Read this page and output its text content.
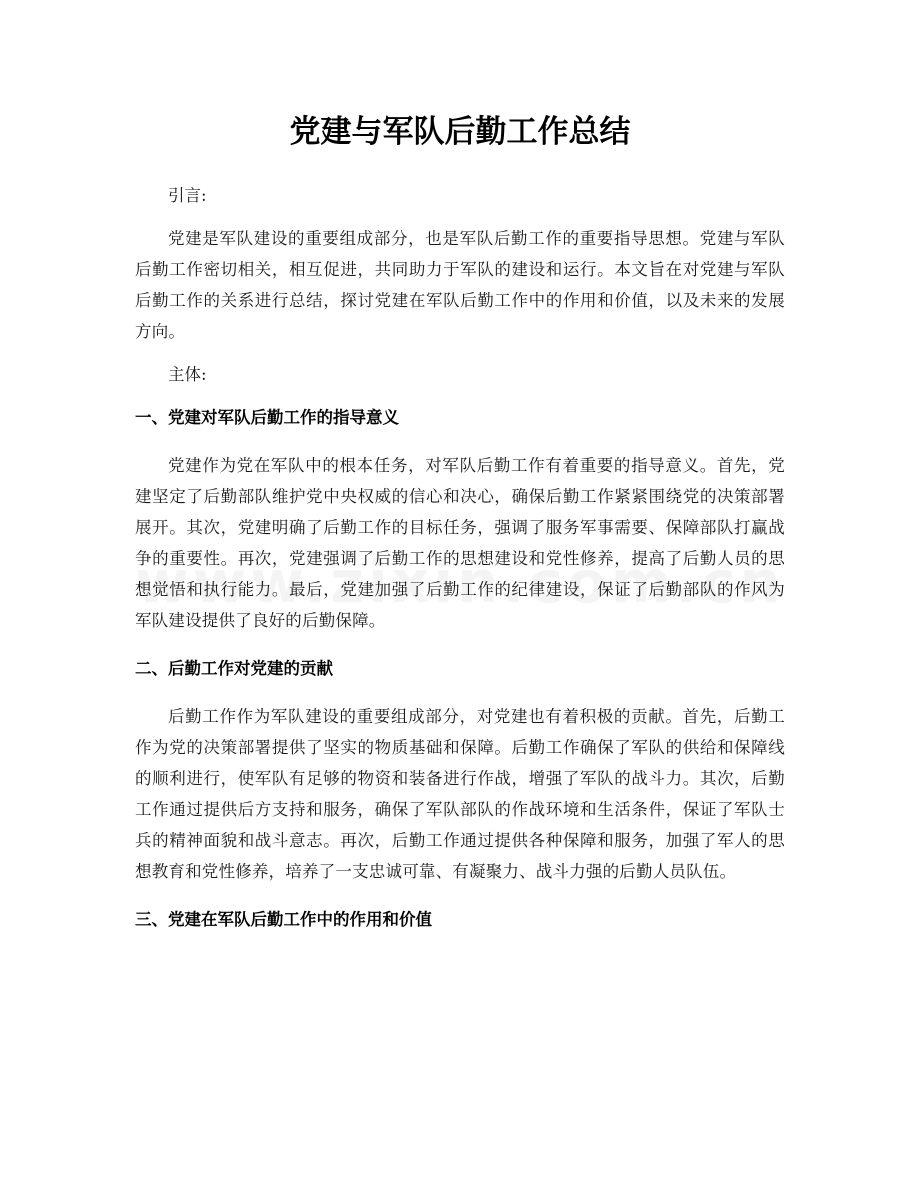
党建与军队后勤工作总结

引言:

党建是军队建设的重要组成部分，也是军队后勤工作的重要指导思想。党建与军队后勤工作密切相关，相互促进，共同助力于军队的建设和运行。本文旨在对党建与军队后勤工作的关系进行总结，探讨党建在军队后勤工作中的作用和价值，以及未来的发展方向。

主体:

一、党建对军队后勤工作的指导意义

党建作为党在军队中的根本任务，对军队后勤工作有着重要的指导意义。首先，党建坚定了后勤部队维护党中央权威的信心和决心，确保后勤工作紧紧围绕党的决策部署展开。其次，党建明确了后勤工作的目标任务，强调了服务军事需要、保障部队打赢战争的重要性。再次，党建强调了后勤工作的思想建设和党性修养，提高了后勤人员的思想觉悟和执行能力。最后，党建加强了后勤工作的纪律建设，保证了后勤部队的作风为军队建设提供了良好的后勤保障。

二、后勤工作对党建的贡献

后勤工作作为军队建设的重要组成部分，对党建也有着积极的贡献。首先，后勤工作为党的决策部署提供了坚实的物质基础和保障。后勤工作确保了军队的供给和保障线的顺利进行，使军队有足够的物资和装备进行作战，增强了军队的战斗力。其次，后勤工作通过提供后方支持和服务，确保了军队部队的作战环境和生活条件，保证了军队士兵的精神面貌和战斗意志。再次，后勤工作通过提供各种保障和服务，加强了军人的思想教育和党性修养，培养了一支忠诚可靠、有凝聚力、战斗力强的后勤人员队伍。

三、党建在军队后勤工作中的作用和价值
